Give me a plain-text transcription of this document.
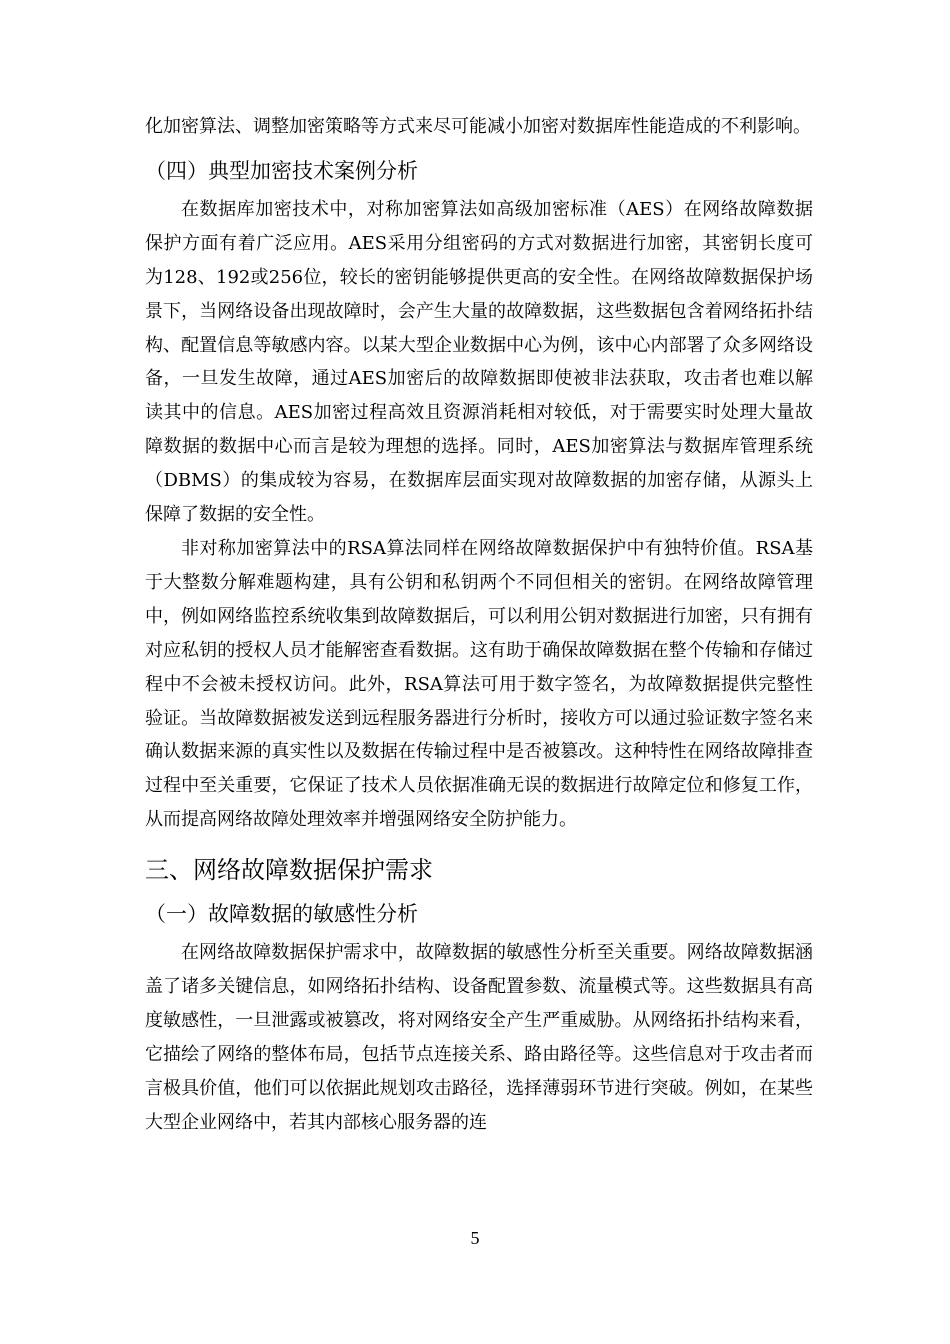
化加密算法、调整加密策略等方式来尽可能减小加密对数据库性能造成的不利影响。

（四）典型加密技术案例分析

在数据库加密技术中，对称加密算法如高级加密标准（AES）在网络故障数据保护方面有着广泛应用。AES采用分组密码的方式对数据进行加密，其密钥长度可为128、192或256位，较长的密钥能够提供更高的安全性。在网络故障数据保护场景下，当网络设备出现故障时，会产生大量的故障数据，这些数据包含着网络拓扑结构、配置信息等敏感内容。以某大型企业数据中心为例，该中心内部署了众多网络设备，一旦发生故障，通过AES加密后的故障数据即使被非法获取，攻击者也难以解读其中的信息。AES加密过程高效且资源消耗相对较低，对于需要实时处理大量故障数据的数据中心而言是较为理想的选择。同时，AES加密算法与数据库管理系统（DBMS）的集成较为容易，在数据库层面实现对故障数据的加密存储，从源头上保障了数据的安全性。

非对称加密算法中的RSA算法同样在网络故障数据保护中有独特价值。RSA基于大整数分解难题构建，具有公钥和私钥两个不同但相关的密钥。在网络故障管理中，例如网络监控系统收集到故障数据后，可以利用公钥对数据进行加密，只有拥有对应私钥的授权人员才能解密查看数据。这有助于确保故障数据在整个传输和存储过程中不会被未授权访问。此外，RSA算法可用于数字签名，为故障数据提供完整性验证。当故障数据被发送到远程服务器进行分析时，接收方可以通过验证数字签名来确认数据来源的真实性以及数据在传输过程中是否被篡改。这种特性在网络故障排查过程中至关重要，它保证了技术人员依据准确无误的数据进行故障定位和修复工作，从而提高网络故障处理效率并增强网络安全防护能力。

三、网络故障数据保护需求
（一）故障数据的敏感性分析

在网络故障数据保护需求中，故障数据的敏感性分析至关重要。网络故障数据涵盖了诸多关键信息，如网络拓扑结构、设备配置参数、流量模式等。这些数据具有高度敏感性，一旦泄露或被篡改，将对网络安全产生严重威胁。从网络拓扑结构来看，它描绘了网络的整体布局，包括节点连接关系、路由路径等。这些信息对于攻击者而言极具价值，他们可以依据此规划攻击路径，选择薄弱环节进行突破。例如，在某些大型企业网络中，若其内部核心服务器的连

5
